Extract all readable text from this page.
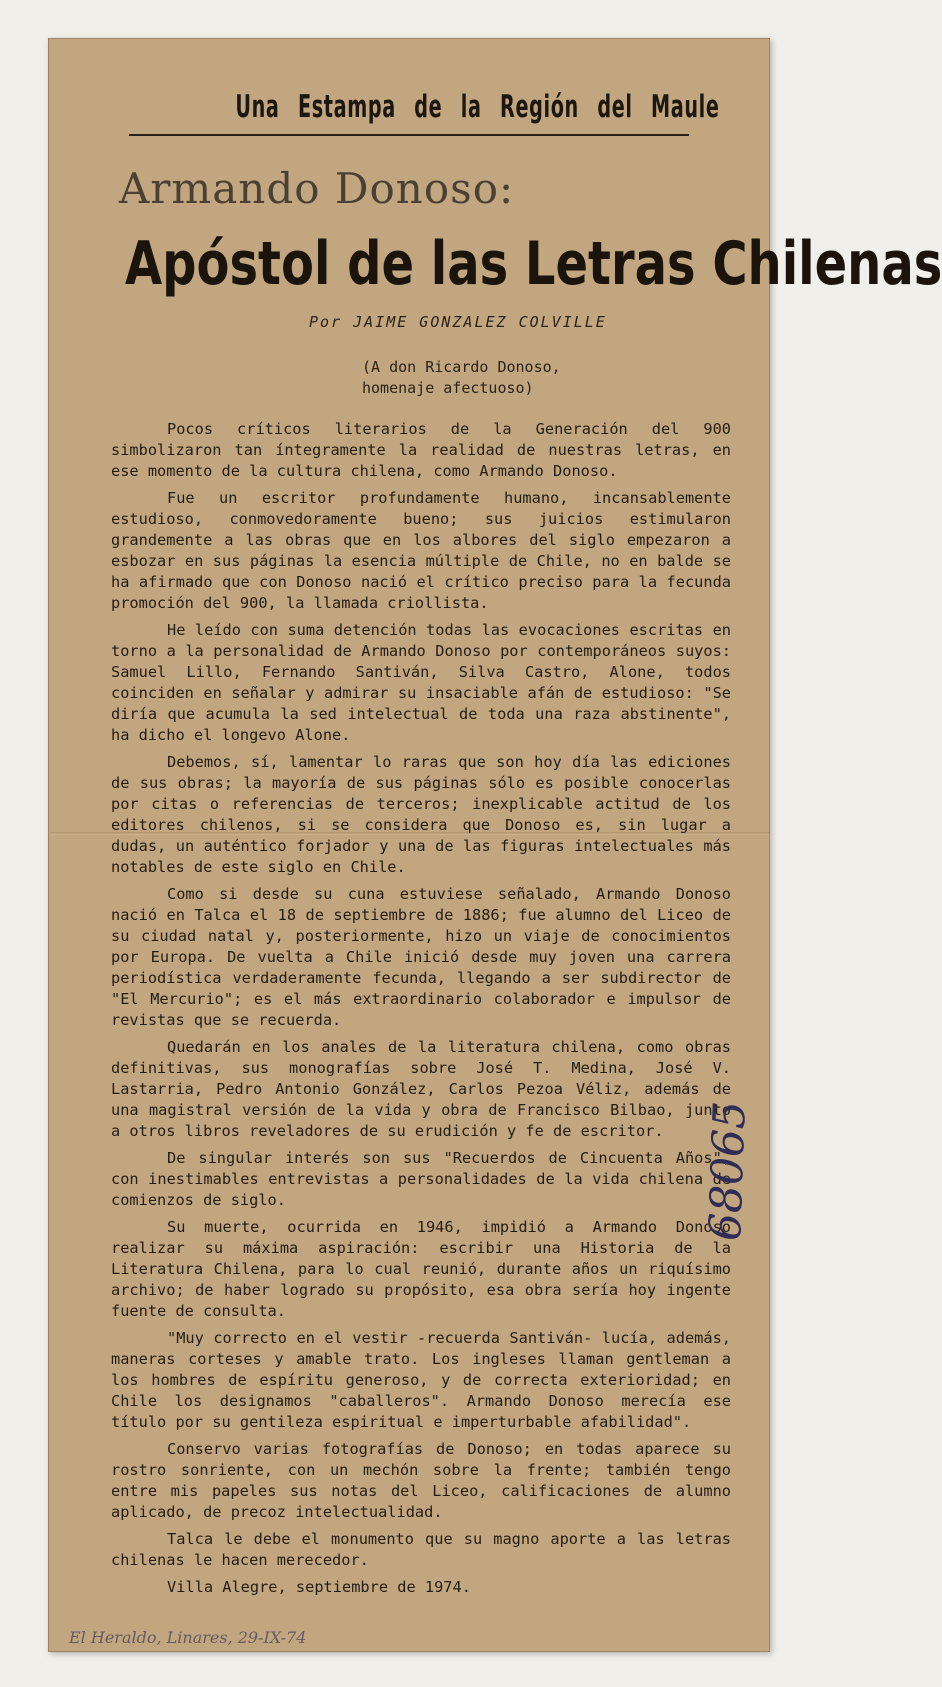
Una Estampa de la Región del Maule
Armando Donoso:
Apóstol de las Letras Chilenas
Por JAIME GONZALEZ COLVILLE
(A don Ricardo Donoso, homenaje afectuoso)

Pocos críticos literarios de la Generación del 900 simbolizaron tan íntegramente la realidad de nuestras letras, en ese momento de la cultura chilena, como Armando Donoso.

Fue un escritor profundamente humano, incansablemente estudioso, conmovedoramente bueno; sus juicios estimularon grandemente a las obras que en los albores del siglo empezaron a esbozar en sus páginas la esencia múltiple de Chile, no en balde se ha afirmado que con Donoso nació el crítico preciso para la fecunda promoción del 900, la llamada criollista.

He leído con suma detención todas las evocaciones escritas en torno a la personalidad de Armando Donoso por contemporáneos suyos: Samuel Lillo, Fernando Santiván, Silva Castro, Alone, todos coinciden en señalar y admirar su insaciable afán de estudioso: "Se diría que acumula la sed intelectual de toda una raza abstinente", ha dicho el longevo Alone.

Debemos, sí, lamentar lo raras que son hoy día las ediciones de sus obras; la mayoría de sus páginas sólo es posible conocerlas por citas o referencias de terceros; inexplicable actitud de los editores chilenos, si se considera que Donoso es, sin lugar a dudas, un auténtico forjador y una de las figuras intelectuales más notables de este siglo en Chile.

Como si desde su cuna estuviese señalado, Armando Donoso nació en Talca el 18 de septiembre de 1886; fue alumno del Liceo de su ciudad natal y, posteriormente, hizo un viaje de conocimientos por Europa. De vuelta a Chile inició desde muy joven una carrera periodística verdaderamente fecunda, llegando a ser subdirector de "El Mercurio"; es el más extraordinario colaborador e impulsor de revistas que se recuerda.

Quedarán en los anales de la literatura chilena, como obras definitivas, sus monografías sobre José T. Medina, José V. Lastarria, Pedro Antonio González, Carlos Pezoa Véliz, además de una magistral versión de la vida y obra de Francisco Bilbao, junto a otros libros reveladores de su erudición y fe de escritor.

De singular interés son sus "Recuerdos de Cincuenta Años", con inestimables entrevistas a personalidades de la vida chilena de comienzos de siglo.

Su muerte, ocurrida en 1946, impidió a Armando Donoso realizar su máxima aspiración: escribir una Historia de la Literatura Chilena, para lo cual reunió, durante años un riquísimo archivo; de haber logrado su propósito, esa obra sería hoy ingente fuente de consulta.

"Muy correcto en el vestir -recuerda Santiván- lucía, además, maneras corteses y amable trato. Los ingleses llaman gentleman a los hombres de espíritu generoso, y de correcta exterioridad; en Chile los designamos "caballeros". Armando Donoso merecía ese título por su gentileza espiritual e imperturbable afabilidad".

Conservo varias fotografías de Donoso; en todas aparece su rostro sonriente, con un mechón sobre la frente; también tengo entre mis papeles sus notas del Liceo, calificaciones de alumno aplicado, de precoz intelectualidad.

Talca le debe el monumento que su magno aporte a las letras chilenas le hacen merecedor.

Villa Alegre, septiembre de 1974.

El Heraldo, Linares, 29-IX-74
68065
